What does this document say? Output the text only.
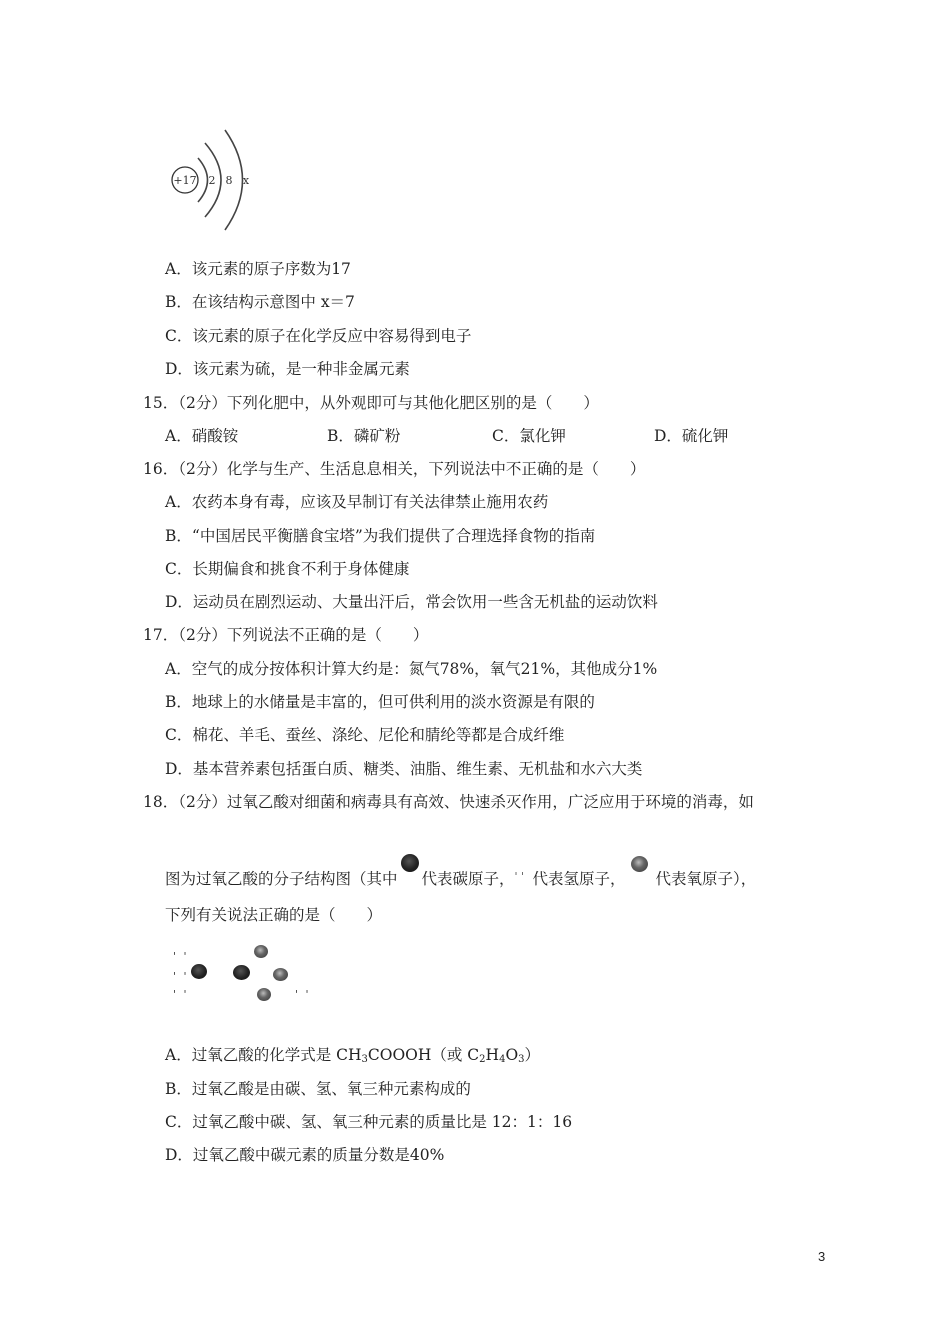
+17 2 8 x
A．该元素的原子序数为17
B．在该结构示意图中 x＝7
C．该元素的原子在化学反应中容易得到电子
D．该元素为硫，是一种非金属元素
15．（2分）下列化肥中，从外观即可与其他化肥区别的是（　　）
A．硝酸铵	B．磷矿粉	C．氯化钾	D．硫化钾
16．（2分）化学与生产、生活息息相关，下列说法中不正确的是（　　）
A．农药本身有毒，应该及早制订有关法律禁止施用农药
B．“中国居民平衡膳食宝塔”为我们提供了合理选择食物的指南
C．长期偏食和挑食不利于身体健康
D．运动员在剧烈运动、大量出汗后，常会饮用一些含无机盐的运动饮料
17．（2分）下列说法不正确的是（　　）
A．空气的成分按体积计算大约是：氮气78%，氧气21%，其他成分1%
B．地球上的水储量是丰富的，但可供利用的淡水资源是有限的
C．棉花、羊毛、蚕丝、涤纶、尼伦和腈纶等都是合成纤维
D．基本营养素包括蛋白质、糖类、油脂、维生素、无机盐和水六大类
18．（2分）过氧乙酸对细菌和病毒具有高效、快速杀灭作用，广泛应用于环境的消毒，如
图为过氧乙酸的分子结构图（其中 代表碳原子，' ' 代表氢原子， 代表氧原子），
下列有关说法正确的是（　　）
' '
' '
' '	' '
A．过氧乙酸的化学式是 $CH_3COOOH$（或 $C_2H_4O_3$）
B．过氧乙酸是由碳、氢、氧三种元素构成的
C．过氧乙酸中碳、氢、氧三种元素的质量比是 12：1：16
D．过氧乙酸中碳元素的质量分数是40%
3
